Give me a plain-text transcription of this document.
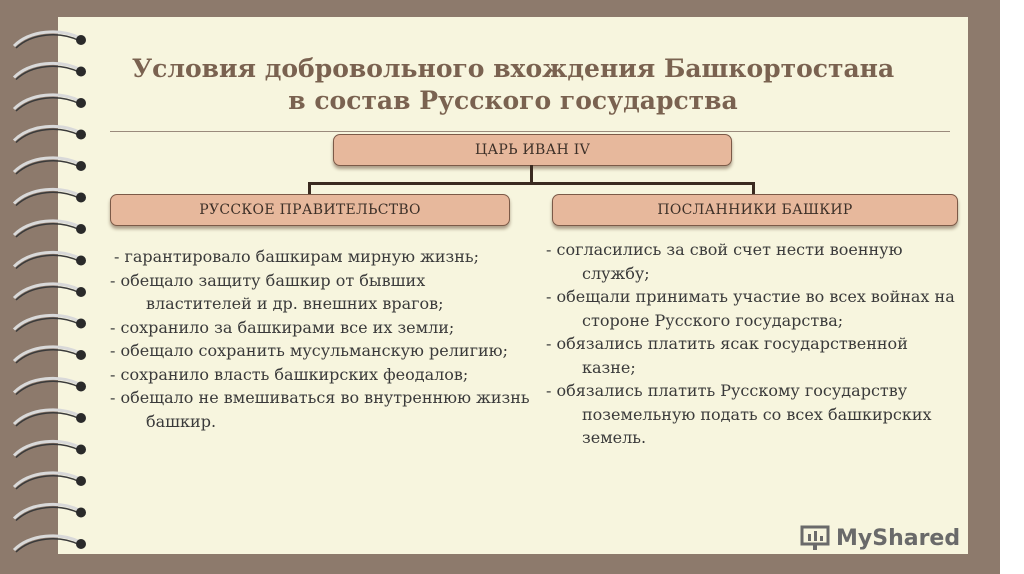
Условия добровольного вхождения Башкортостана
в состав Русского государства
ЦАРЬ ИВАН IV
РУССКОЕ ПРАВИТЕЛЬСТВО	ПОСЛАННИКИ БАШКИР
- гарантировало башкирам мирную жизнь;
- обещало защиту башкир от бывших властителей и др. внешних врагов;
- сохранило за башкирами все их земли;
- обещало сохранить мусульманскую религию;
- сохранило власть башкирских феодалов;
- обещало не вмешиваться во внутреннюю жизнь башкир.
- согласились за свой счет нести военную службу;
- обещали принимать участие во всех войнах на стороне Русского государства;
- обязались платить ясак государственной казне;
- обязались платить Русскому государству поземельную подать со всех башкирских земель.
MyShared
